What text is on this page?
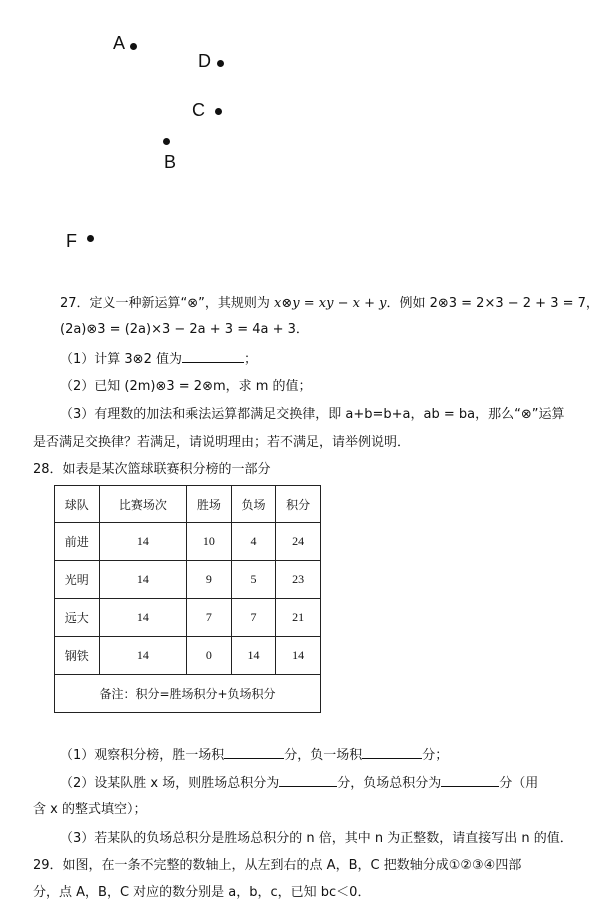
A
D
C
B
F
27．定义一种新运算“⊗”，其规则为 x⊗y = xy − x + y．例如 2⊗3 = 2×3 − 2 + 3 = 7，
(2a)⊗3 = (2a)×3 − 2a + 3 = 4a + 3．
（1）计算 3⊗2 值为	；
（2）已知 (2m)⊗3 = 2⊗m，求 m 的值；
（3）有理数的加法和乘法运算都满足交换律，即 a+b=b+a，ab = ba，那么“⊗”运算
是否满足交换律？若满足，请说明理由；若不满足，请举例说明．
28．如表是某次篮球联赛积分榜的一部分
球队	比赛场次	胜场	负场	积分
前进	14	10	4	24
光明	14	9	5	23
远大	14	7	7	21
钢铁	14	0	14	14
备注：积分=胜场积分+负场积分				
（1）观察积分榜，胜一场积	分，负一场积	分；
（2）设某队胜 x 场，则胜场总积分为	分，负场总积分为	分（用
含 x 的整式填空）；
（3）若某队的负场总积分是胜场总积分的 n 倍，其中 n 为正整数，请直接写出 n 的值．
29．如图，在一条不完整的数轴上，从左到右的点 A，B，C 把数轴分成①②③④四部
分，点 A，B，C 对应的数分别是 a，b，c，已知 bc＜0．
